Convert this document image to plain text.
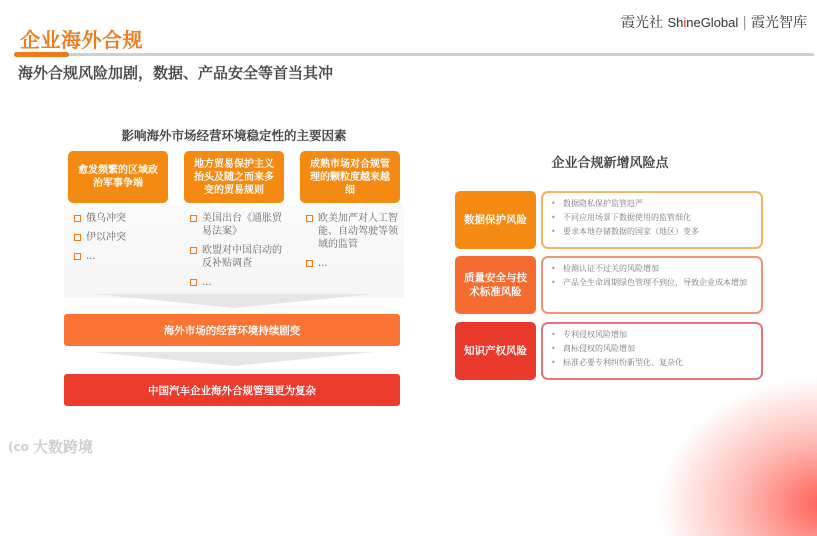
企业海外合规
海外合规风险加剧，数据、产品安全等首当其冲
霞光社 ShineGlobal | 霞光智库
影响海外市场经营环境稳定性的主要因素
愈发频繁的区域政治军事争端
地方贸易保护主义抬头及随之而来多变的贸易规则
成熟市场对合规管理的颗粒度越来越细
俄乌冲突
伊以冲突
...
美国出台《通胀贸易法案》
欧盟对中国启动的反补贴调查
...
欧美加严对人工智能、自动驾驶等领域的监管
...
海外市场的经营环境持续剧变
中国汽车企业海外合规管理更为复杂
企业合规新增风险点
数据保护风险
• 数据隐私保护监管趋严
• 不同应用场景下数据使用的监管细化
• 要求本地存储数据的国家（地区）变多
质量安全与技术标准风险
• 检测认证不过关的风险增加
• 产品全生命周期绿色管理不到位，导致企业成本增加
知识产权风险
• 专利侵权风险增加
• 商标侵权的风险增加
• 标准必要专利纠纷新型化、复杂化
(co 大数跨境
